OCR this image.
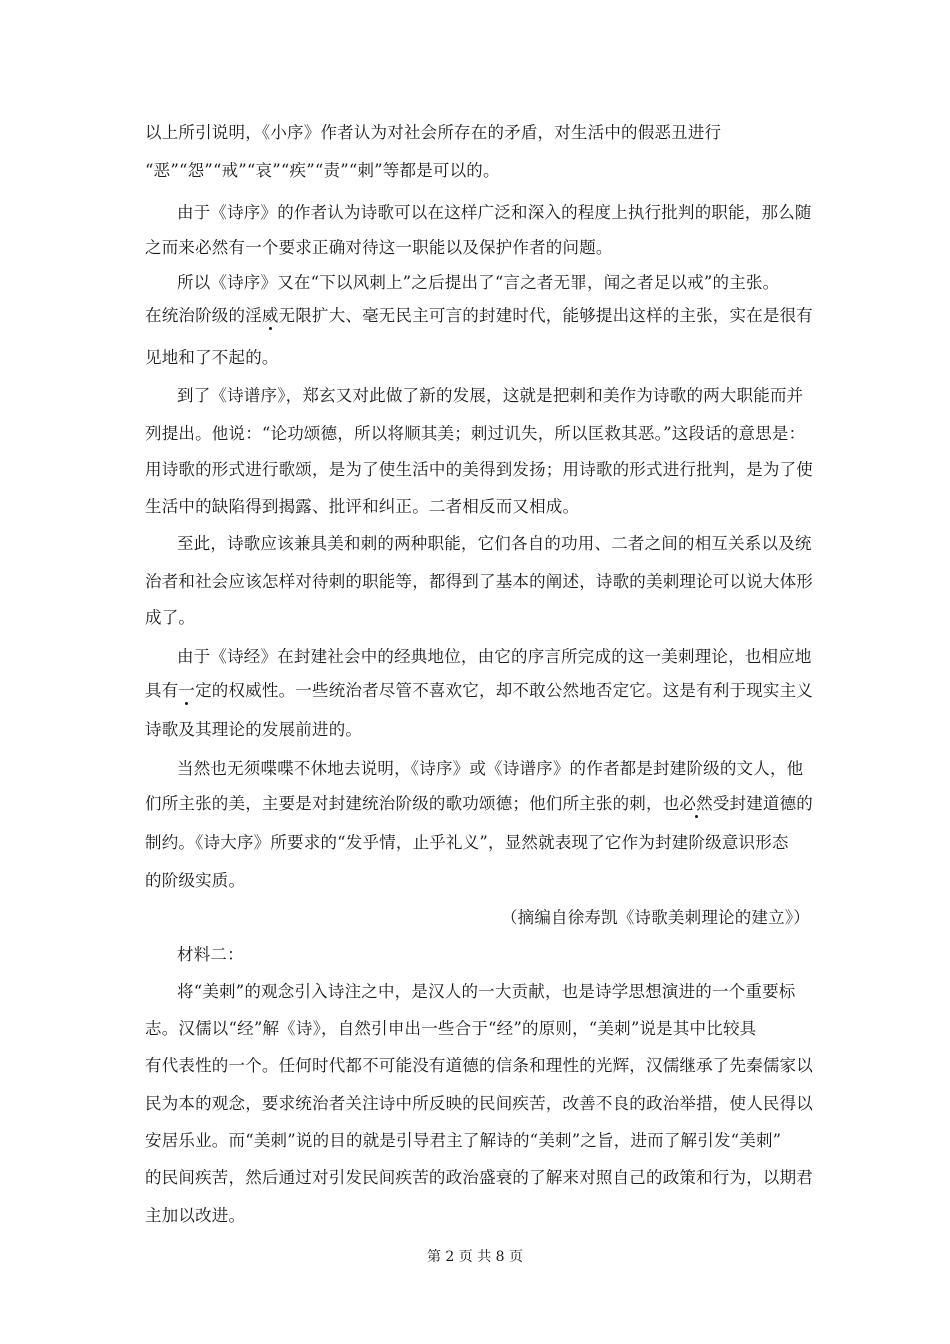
以上所引说明，《小序》作者认为对社会所存在的矛盾，对生活中的假恶丑进行
“恶”“怨”“戒”“哀”“疾”“责”“刺”等都是可以的。
由于《诗序》的作者认为诗歌可以在这样广泛和深入的程度上执行批判的职能，那么随
之而来必然有一个要求正确对待这一职能以及保护作者的问题。
所以《诗序》又在“下以风刺上”之后提出了“言之者无罪，闻之者足以戒”的主张。
在统治阶级的淫威无限扩大、毫无民主可言的封建时代，能够提出这样的主张，实在是很有
见地和了不起的。
到了《诗谱序》，郑玄又对此做了新的发展，这就是把刺和美作为诗歌的两大职能而并
列提出。他说：“论功颂德，所以将顺其美；刺过讥失，所以匡救其恶。”这段话的意思是：
用诗歌的形式进行歌颂，是为了使生活中的美得到发扬；用诗歌的形式进行批判，是为了使
生活中的缺陷得到揭露、批评和纠正。二者相反而又相成。
至此，诗歌应该兼具美和刺的两种职能，它们各自的功用、二者之间的相互关系以及统
治者和社会应该怎样对待刺的职能等，都得到了基本的阐述，诗歌的美刺理论可以说大体形
成了。
由于《诗经》在封建社会中的经典地位，由它的序言所完成的这一美刺理论，也相应地
具有一定的权威性。一些统治者尽管不喜欢它，却不敢公然地否定它。这是有利于现实主义
诗歌及其理论的发展前进的。
当然也无须喋喋不休地去说明，《诗序》或《诗谱序》的作者都是封建阶级的文人，他
们所主张的美，主要是对封建统治阶级的歌功颂德；他们所主张的刺，也必然受封建道德的
制约。《诗大序》所要求的“发乎情，止乎礼义”，显然就表现了它作为封建阶级意识形态
的阶级实质。
（摘编自徐寿凯《诗歌美刺理论的建立》）
材料二：
将“美刺”的观念引入诗注之中，是汉人的一大贡献，也是诗学思想演进的一个重要标
志。汉儒以“经”解《诗》，自然引申出一些合于“经”的原则，“美刺”说是其中比较具
有代表性的一个。任何时代都不可能没有道德的信条和理性的光辉，汉儒继承了先秦儒家以
民为本的观念，要求统治者关注诗中所反映的民间疾苦，改善不良的政治举措，使人民得以
安居乐业。而“美刺”说的目的就是引导君主了解诗的“美刺”之旨，进而了解引发“美刺”
的民间疾苦，然后通过对引发民间疾苦的政治盛衰的了解来对照自己的政策和行为，以期君
主加以改进。
第 2 页 共 8 页
